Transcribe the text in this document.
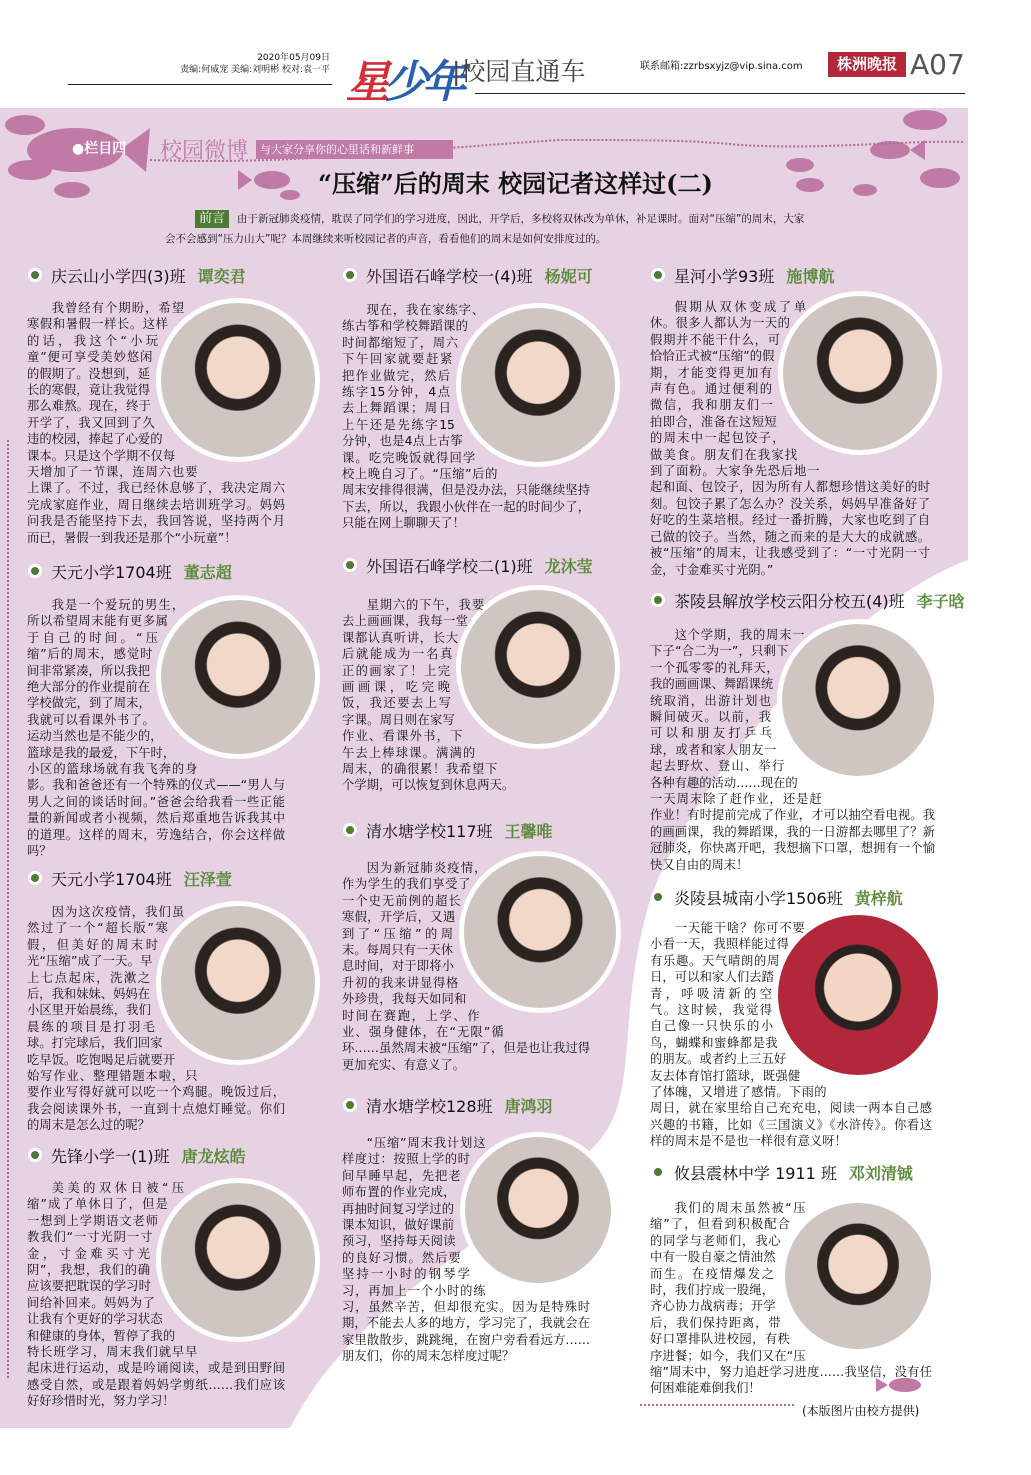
2020年05月09日
责编:何威宠 美编:刘明彬 校对:袁一平 星少年
|校园直通车	联系邮箱:zzrbsxyjz@vip.sina.com	株洲晚报 A07
●栏目四 校园微博	与大家分享你的心里话和新鲜事
“压缩”后的周末 校园记者这样过(二)
前言 由于新冠肺炎疫情，耽误了同学们的学习进度，因此，开学后，多校将双休改为单休，补足课时。面对“压缩”的周末，大家会不会感到“压力山大”呢？本周继续来听校园记者的声音，看看他们的周末是如何安排度过的。
庆云山小学四(3)班 谭奕君
我曾经有个期盼，希望寒假和暑假一样长。这样的话，我这个“小玩童”便可享受美妙悠闲的假期了。没想到，延长的寒假，竟让我觉得那么难熬。现在，终于开学了，我又回到了久违的校园，捧起了心爱的课本。只是这个学期不仅每天增加了一节课，连周六也要上课了。不过，我已经休息够了，我决定周六完成家庭作业，周日继续去培训班学习。妈妈问我是否能坚持下去，我回答说，坚持两个月而已，暑假一到我还是那个“小玩童”！
天元小学1704班 董志超
我是一个爱玩的男生，所以希望周末能有更多属于自己的时间。“压缩”后的周末，感觉时间非常紧凑，所以我把绝大部分的作业提前在学校做完，到了周末，我就可以看课外书了。运动当然也是不能少的，篮球是我的最爱，下午时，小区的篮球场就有我飞奔的身影。我和爸爸还有一个特殊的仪式——“男人与男人之间的谈话时间。”爸爸会给我看一些正能量的新闻或者小视频，然后郑重地告诉我其中的道理。这样的周末，劳逸结合，你会这样做吗？
天元小学1704班 汪泽萱
因为这次疫情，我们虽然过了一个“超长版”寒假，但美好的周末时光“压缩”成了一天。早上七点起床，洗漱之后，我和妹妹、妈妈在小区里开始晨练，我们晨练的项目是打羽毛球。打完球后，我们回家吃早饭。吃饱喝足后就要开始写作业、整理错题本啦，只要作业写得好就可以吃一个鸡腿。晚饭过后，我会阅读课外书，一直到十点熄灯睡觉。你们的周末是怎么过的呢？
先锋小学一(1)班 唐龙炫皓
美美的双休日被“压缩”成了单休日了，但是一想到上学期语文老师教我们“一寸光阴一寸金，寸金难买寸光阴”，我想，我们的确应该要把耽误的学习时间给补回来。妈妈为了让我有个更好的学习状态和健康的身体，暂停了我的特长班学习，周末我们就早早起床进行运动，或是吟诵阅读，或是到田野间感受自然，或是跟着妈妈学剪纸……我们应该好好珍惜时光，努力学习！
外国语石峰学校一(4)班 杨妮可
现在，我在家练字、练古筝和学校舞蹈课的时间都缩短了，周六下午回家就要赶紧把作业做完，然后练字15分钟，4点去上舞蹈课；周日上午还是先练字15分钟，也是4点上古筝课。吃完晚饭就得回学校上晚自习了。“压缩”后的周末安排得很满，但是没办法，只能继续坚持下去，所以，我跟小伙伴在一起的时间少了，只能在网上聊聊天了！
外国语石峰学校二(1)班 龙沐莹
星期六的下午，我要去上画画课，我每一堂课都认真听讲，长大后就能成为一名真正的画家了！上完画画课，吃完晚饭，我还要去上写字课。周日则在家写作业、看课外书，下午去上棒球课。满满的周末，的确很累！我希望下个学期，可以恢复到休息两天。
清水塘学校117班 王馨唯
因为新冠肺炎疫情，作为学生的我们享受了一个史无前例的超长寒假，开学后，又遇到了“压缩”的周末。每周只有一天休息时间，对于即将小升初的我来讲显得格外珍贵，我每天如同和时间在赛跑，上学、作业、强身健体，在“无限”循环……虽然周末被“压缩”了，但是也让我过得更加充实、有意义了。
清水塘学校128班 唐鸿羽
“压缩”周末我计划这样度过：按照上学的时间早睡早起，先把老师布置的作业完成，再抽时间复习学过的课本知识，做好课前预习，坚持每天阅读的良好习惯。然后要坚持一小时的钢琴学习，再加上一个小时的练习，虽然辛苦，但却很充实。因为是特殊时期，不能去人多的地方，学习完了，我就会在家里散散步，跳跳绳，在窗户旁看看远方……朋友们，你的周末怎样度过呢？
星河小学93班 施博航
假期从双休变成了单休。很多人都认为一天的假期并不能干什么，可恰恰正式被“压缩”的假期，才能变得更加有声有色。通过便利的微信，我和朋友们一拍即合，准备在这短短的周末中一起包饺子，做美食。朋友们在我家找到了面粉。大家争先恐后地一起和面、包饺子，因为所有人都想珍惜这美好的时刻。包饺子累了怎么办？没关系，妈妈早准备好了好吃的生菜培根。经过一番折腾，大家也吃到了自己做的饺子。当然，随之而来的是大大的成就感。被“压缩”的周末，让我感受到了：“一寸光阴一寸金，寸金难买寸光阴。”
茶陵县解放学校云阳分校五(4)班 李子晗
这个学期，我的周末一下子“合二为一”，只剩下一个孤零零的礼拜天，我的画画课、舞蹈课统统取消，出游计划也瞬间破灭。以前，我可以和朋友打乒乓球，或者和家人朋友一起去野炊、登山、举行各种有趣的活动……现在的一天周末除了赶作业，还是赶作业！有时提前完成了作业，才可以抽空看电视。我的画画课，我的舞蹈课，我的一日游都去哪里了？新冠肺炎，你快离开吧，我想摘下口罩，想拥有一个愉快又自由的周末！
炎陵县城南小学1506班 黄梓航
一天能干啥？你可不要小看一天，我照样能过得有乐趣。天气晴朗的周日，可以和家人们去踏青，呼吸清新的空气。这时候，我觉得自己像一只快乐的小鸟，蝴蝶和蜜蜂都是我的朋友。或者约上三五好友去体育馆打篮球，既强健了体魄，又增进了感情。下雨的周日，就在家里给自己充充电，阅读一两本自己感兴趣的书籍，比如《三国演义》《水浒传》。你看这样的周末是不是也一样很有意义呀！
攸县震林中学 1911 班 邓刘清铖
我们的周末虽然被“压缩”了，但看到积极配合的同学与老师们，我心中有一股自豪之情油然而生。在疫情爆发之时，我们拧成一股绳，齐心协力战病毒；开学后，我们保持距离，带好口罩排队进校园，有秩序进餐；如今，我们又在“压缩”周末中，努力追赶学习进度……我坚信，没有任何困难能难倒我们！
(本版图片由校方提供)
